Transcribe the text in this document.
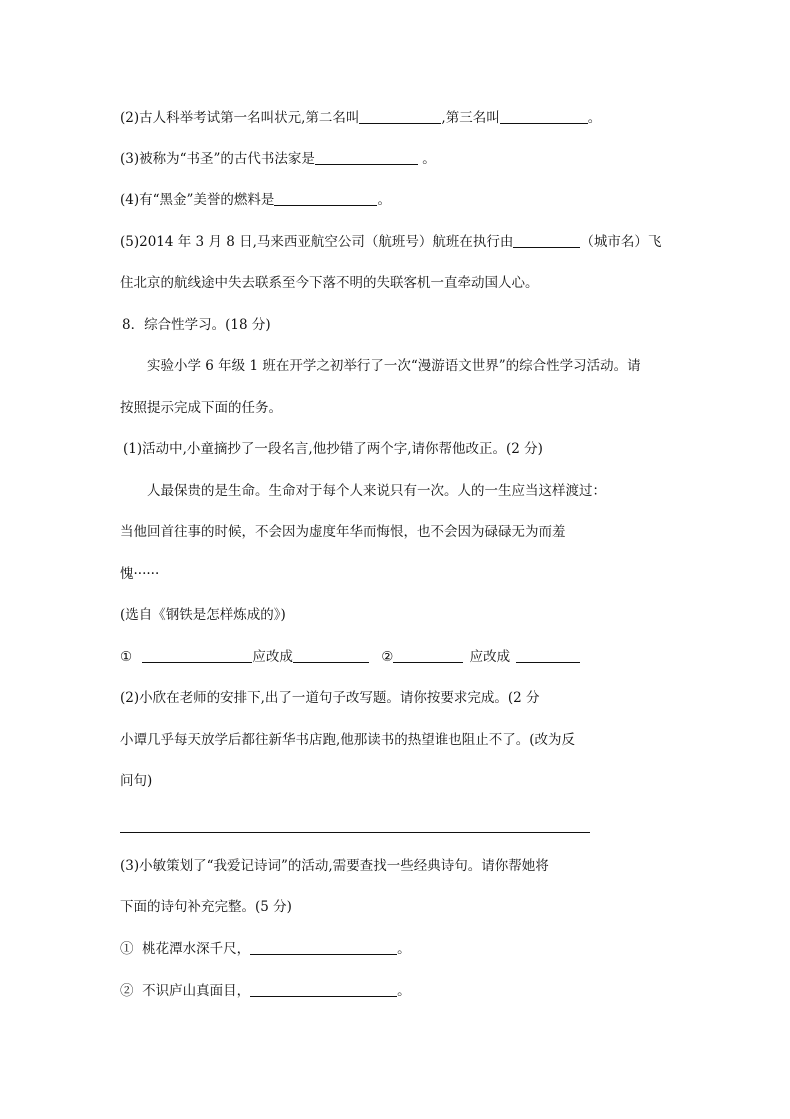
(2)古人科举考试第一名叫状元,第二名叫	,第三名叫	。
(3)被称为“书圣”的古代书法家是	。
(4)有“黑金”美誉的燃料是	。
(5)2014 年 3 月 8 日,马来西亚航空公司（航班号）航班在执行由	（城市名）飞
住北京的航线途中失去联系至今下落不明的失联客机一直牵动国人心。
8．综合性学习。(18 分)
实验小学 6 年级 1 班在开学之初举行了一次“漫游语文世界”的综合性学习活动。请
按照提示完成下面的任务。
(1)活动中,小童摘抄了一段名言,他抄错了两个字,请你帮他改正。(2 分)
人最保贵的是生命。生命对于每个人来说只有一次。人的一生应当这样渡过：
当他回首往事的时候，不会因为虚度年华而悔恨，也不会因为碌碌无为而羞
愧······
(选自《钢铁是怎样炼成的》)
①	应改成	②	应改成
(2)小欣在老师的安排下,出了一道句子改写题。请你按要求完成。(2 分
小谭几乎每天放学后都往新华书店跑,他那读书的热望谁也阻止不了。(改为反
问句)
(3)小敏策划了“我爱记诗词”的活动,需要查找一些经典诗句。请你帮她将
下面的诗句补充完整。(5 分)
①  桃花潭水深千尺，	。
②  不识庐山真面目，	。
